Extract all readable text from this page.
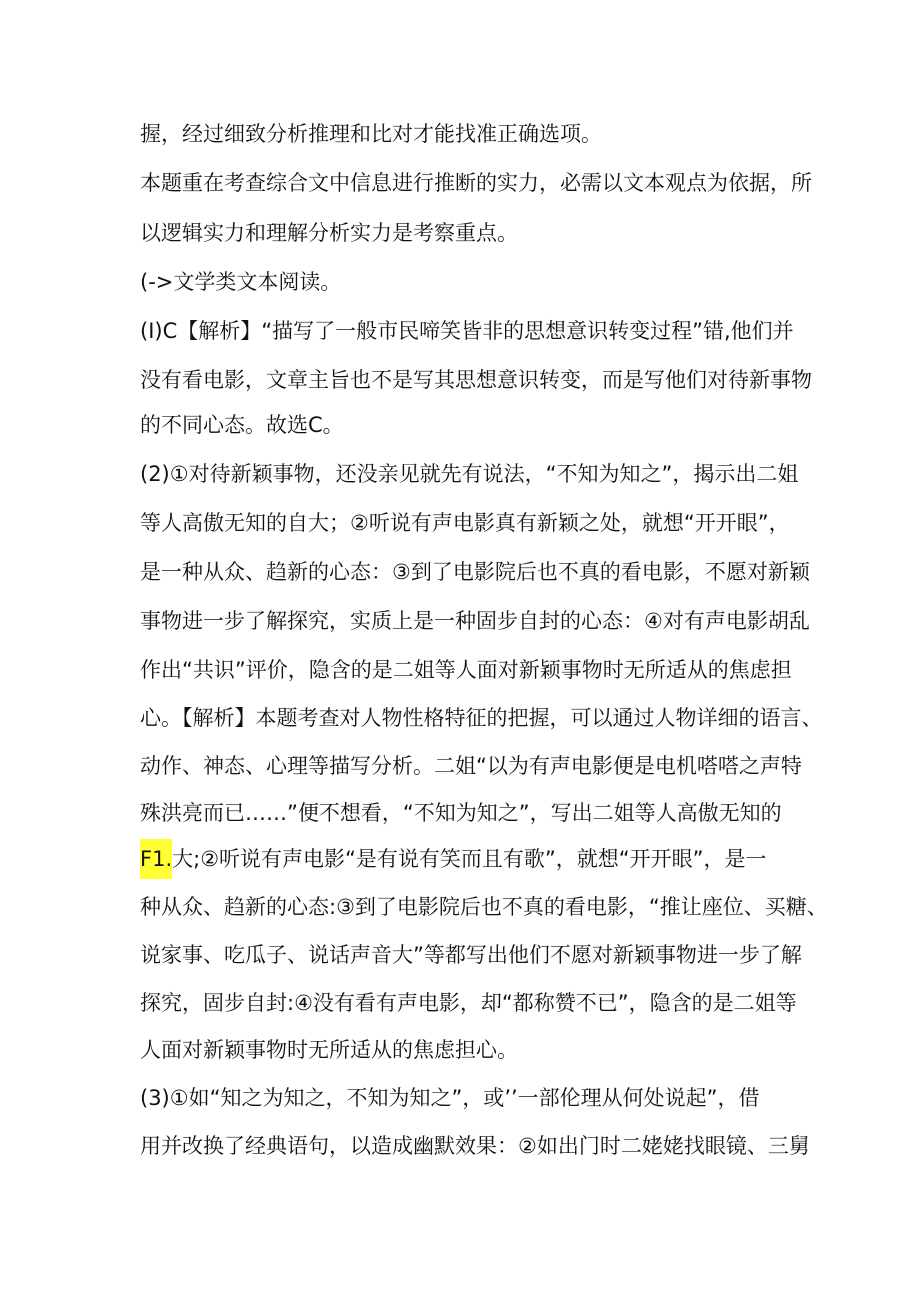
握，经过细致分析推理和比对才能找准正确选项。
本题重在考查综合文中信息进行推断的实力，必需以文本观点为依据，所
以逻辑实力和理解分析实力是考察重点。
(->文学类文本阅读。
(I)C【解析】“描写了一般市民啼笑皆非的思想意识转变过程”错,他们并
没有看电影，文章主旨也不是写其思想意识转变，而是写他们对待新事物
的不同心态。故选C。
(2)①对待新颖事物，还没亲见就先有说法，“不知为知之”，揭示出二姐
等人高傲无知的自大；②听说有声电影真有新颖之处，就想“开开眼”，
是一种从众、趋新的心态：③到了电影院后也不真的看电影，不愿对新颖
事物进一步了解探究，实质上是一种固步自封的心态：④对有声电影胡乱
作出“共识”评价，隐含的是二姐等人面对新颖事物时无所适从的焦虑担
心。【解析】本题考查对人物性格特征的把握，可以通过人物详细的语言、
动作、神态、心理等描写分析。二姐“以为有声电影便是电机嗒嗒之声特
殊洪亮而已……”便不想看，“不知为知之”，写出二姐等人高傲无知的
F1.大;②听说有声电影“是有说有笑而且有歌”，就想“开开眼”，是一
种从众、趋新的心态:③到了电影院后也不真的看电影，“推让座位、买糖、
说家事、吃瓜子、说话声音大”等都写出他们不愿对新颖事物进一步了解
探究，固步自封:④没有看有声电影，却“都称赞不已”，隐含的是二姐等
人面对新颖事物时无所适从的焦虑担心。
(3)①如“知之为知之，不知为知之”，或’’一部伦理从何处说起”，借
用并改换了经典语句，以造成幽默效果：②如出门时二姥姥找眼镜、三舅
